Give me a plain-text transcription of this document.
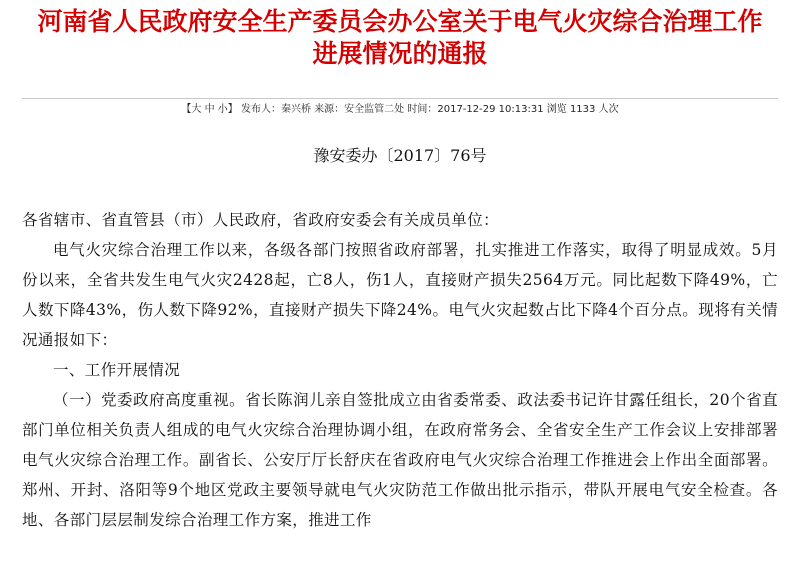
河南省人民政府安全生产委员会办公室关于电气火灾综合治理工作
进展情况的通报
【大 中 小】 发布人：秦兴桥 来源：安全监管二处 时间：2017-12-29 10:13:31 浏览 1133 人次
豫安委办〔2017〕76号

各省辖市、省直管县（市）人民政府，省政府安委会有关成员单位：

电气火灾综合治理工作以来，各级各部门按照省政府部署，扎实推进工作落实，取得了明显成效。5月份以来，全省共发生电气火灾2428起，亡8人，伤1人，直接财产损失2564万元。同比起数下降49%，亡人数下降43%，伤人数下降92%，直接财产损失下降24%。电气火灾起数占比下降4个百分点。现将有关情况通报如下：

一、工作开展情况

（一）党委政府高度重视。省长陈润儿亲自签批成立由省委常委、政法委书记许甘露任组长，20个省直部门单位相关负责人组成的电气火灾综合治理协调小组，在政府常务会、全省安全生产工作会议上安排部署电气火灾综合治理工作。副省长、公安厅厅长舒庆在省政府电气火灾综合治理工作推进会上作出全面部署。郑州、开封、洛阳等9个地区党政主要领导就电气火灾防范工作做出批示指示，带队开展电气安全检查。各地、各部门层层制发综合治理工作方案，推进工作
